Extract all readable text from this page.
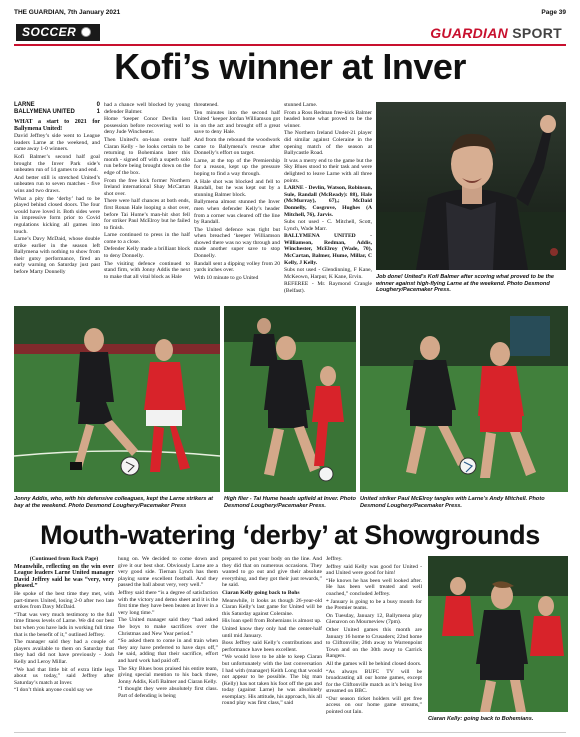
THE GUARDIAN, 7th January 2021	Page 39
SOCCER	GUARDIAN SPORT
Kofi’s winner at Inver
LARNE	0
BALLYMENA UNITED	1

WHAT a start to 2021 for Ballymena United!

David Jeffrey’s side went to League leaders Larne at the weekend, and came away 1-0 winners.

Kofi Balmer’s second half goal brought the Inver Park side’s unbeaten run of 14 games to and end.

And better still is stretched United’s unbeaten run to seven matches - five wins and two draws.

What a pity the ‘derby’ had to be played behind closed doors. The four would have loved it. Both sides were in impressive form prior to Covid regulations kicking all games into touch.

Larne’s Davy McDaid, whose double strike earlier in the season left Ballymena with nothing to show from their gutsy performance, fired an early warning on Saturday just past before Marty Donnelly

had a chance well blocked by young defender Balmer.

Home ‘keeper Conor Devlin lost possession before recovering well to deny Jude Winchester.

Then United’s on-loan centre half Ciaran Kelly - he looks certain to be returning to Bohemians later this month - signed off with a superb solo run before being brought down on the edge of the box.

From the free kick former Northern Ireland international Shay McCartan shot over.

There were half chances at both ends, first Ronan Hale looping a shot over, before Tai Hume’s man-hit shot fell for striker Paul McElroy but he failed to finish.

Larne continued to press in the half come to a close.

Defender Kelly made a brilliant block to deny Donnelly.

The visiting defence continued to stand firm, with Jonny Addis the next to make that all vital block as Hale

threatened.

Ten minutes into the second half United ‘keeper Jordan Williamson got in on the act and brought off a great save to deny Hale.

And from the rebound the woodwork came to Ballymena’s rescue after Donnelly’s effort on target.

Larne, at the top of the Premiership for a reason, kept up the pressure hoping to find a way through.

A Hale shot was blocked and fell to Randall, but he was kept out by a stunning Balmer block.

Ballymena almost stunned the Inver men when defender Kelly’s header from a corner was cleared off the line by Randall.

The United defence was tight but when breached ‘keeper Williamson showed there was no way through and made another super save to stop Donnelly.

Randall sent a dipping volley from 20 yards inches over.

With 10 minute to go United

stunned Larne.

From a Ross Redman free-kick Balmer headed home what proved to be the winner.

The Northern Ireland Under-21 player did similar against Coleraine in the opening match of the season at Ballycastle Road.

It was a merry end to the game but the Sky Blues stood to their task and were delighted to leave Larne with all three points.

LARNE - Devlin, Watson, Robinson, Sule, Randall (McReady): 88), Hale (McMurray), 67),; McDaid Donnelly, Cosgrove, Hughes (A Mitchell, 76), Jarvis.

Subs not used - C. Mitchell, Scott, Lynch, Wade Marr.

BALLYMENA UNITED - Williamson, Redman, Addis, Winchester, McElroy (Wade, 70), McCartan, Balmer, Hume, Millar, C Kelly, J Kelly.

Subs not used - Glendinning, F Kane, McKeown, Harpur, K Kane, Ervin.

REFEREE - Mr. Raymond Crangle (Belfast).

Job done! United’s Kofi Balmer after scoring what proved to be the winner against high-flying Larne at the weekend. Photo Desmond Loughery/Pacemaker Press.
Jonny Addis, who, with his defensive colleagues, kept the Larne strikers at bay at the weekend. Photo Desmond Loughery/Pacemaker Press
High flier - Tai Hume heads upfield at Inver. Photo Desmond Loughery/Pacemaker Press.
United striker Paul McElroy tangles with Larne’s Andy Mitchell. Photo Desmond Loughery/Pacemaker Press.
Mouth-watering ‘derby’ at Showgrounds

(Continued from Back Page)

Meanwhile, reflecting on the win over League leaders Larne United manager David Jeffrey said he was “very, very pleased.”

He spoke of the best time they met, with part-timers United, losing 2-0 after two late strikes from Davy McDaid.

“That was very much testimony to the full time fitness levels of Larne. We did our best but when you have lads in working full time that is the benefit of it,” outlined Jeffrey.

The manager said they had a couple of players available to them on Saturday that they had did not have previously - Josh Kelly and Leroy Millar.

“We had that little bit of extra little legs about us today,” said Jeffrey after Saturday’s match at Inver.

“I don’t think anyone could say we

hung on. We decided to come down and give it our best shot. Obviously Larne are a very good side. Tiernan Lynch has them playing some excellent football. And they passed the ball about very, very well.”

Jeffrey said there “is a degree of satisfaction with the victory and demo sheet and it is the first time they have been beaten at Inver in a very long time.”

The United manager said they “had asked the boys to make sacrifices over the Christmas and New Year period.”

“So asked them to come in and train when they any have preferred to have days off,” he said, adding that their sacrifice, effort and hard work had paid off.

The Sky Blues boss praised his entire team, giving special mention to his back three, Jonny Addis, Kofi Balmer and Ciaran Kelly.

“I thought they were absolutely first class. Part of defending is being

prepared to put your body on the line. And they did that on numerous occasions. They wanted to go out and give their absolute everything, and they got their just rewards,” he said.

Ciaran Kelly going back to Bohs

Meanwhile, it looks as though 26-year-old Ciaran Kelly’s last game for United will be this Saturday against Coleraine.

His loan spell from Bohemians is almost up.

United know they only had the center-half until mid January.

Boss Jeffrey said Kelly’s contributions and performance have been excellent.

“We would love to be able to keep Ciaran but unfortunately with the last conversation I had with (manager) Keith Long that would not appear to be possible. The big man (Kelly) has not taken his foot off the gas and today (against Larne) he was absolutely exemplary. His attitude, his approach, his all round play was first class,” said

Jeffrey.

Jeffrey said Kelly was good for United - and United were good for him!

“He knows he has been well looked after. He has been well treated and well coached,” concluded Jeffrey.

* January is going to be a busy month for the Premier teams.

On Tuesday, January 12, Ballymena play Glenavon on Mourneview (7pm).

Other United games this month are January 16 home to Crusaders; 22nd home to Cliftonville; 26th away to Warrenpoint Town and on the 30th away to Carrick Rangers.

All the games will be behind closed doors.

“As always BUFC TV will be broadcasting all our home games, except for the Cliftonville match as it’s being live streamed on BBC.

“Our season ticket holders will get free access on our home game streams,” pointed out Iain.

Ciaran Kelly: going back to Bohemians.
